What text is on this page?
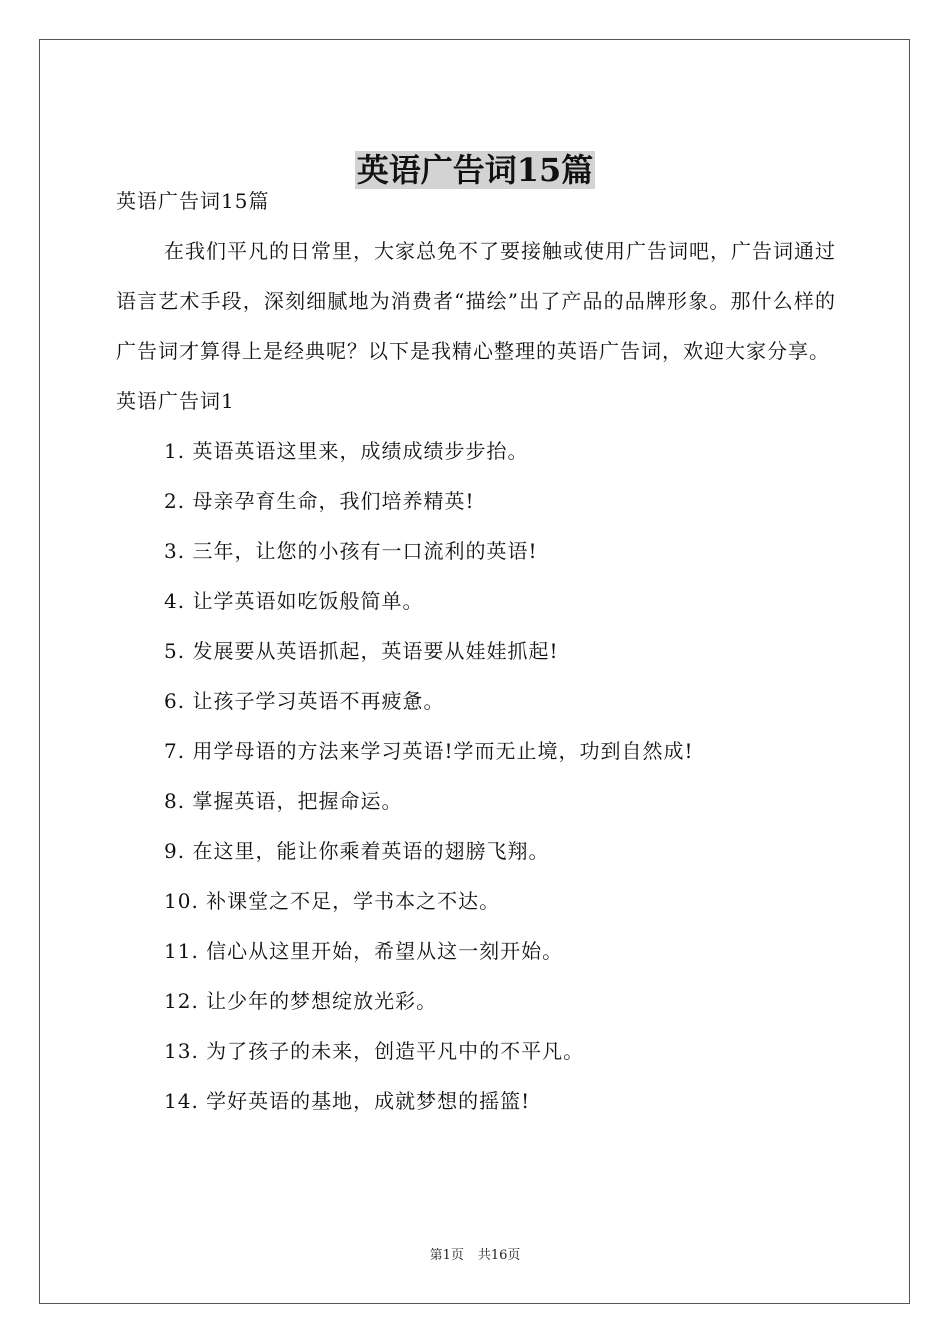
英语广告词15篇

英语广告词15篇

在我们平凡的日常里，大家总免不了要接触或使用广告词吧，广告词通过语言艺术手段，深刻细腻地为消费者“描绘”出了产品的品牌形象。那什么样的广告词才算得上是经典呢？以下是我精心整理的英语广告词，欢迎大家分享。

英语广告词1

1. 英语英语这里来，成绩成绩步步抬。
2. 母亲孕育生命，我们培养精英!
3. 三年，让您的小孩有一口流利的英语!
4. 让学英语如吃饭般简单。
5. 发展要从英语抓起，英语要从娃娃抓起!
6. 让孩子学习英语不再疲惫。
7. 用学母语的方法来学习英语!学而无止境，功到自然成!
8. 掌握英语，把握命运。
9. 在这里，能让你乘着英语的翅膀飞翔。
10. 补课堂之不足，学书本之不达。
11. 信心从这里开始，希望从这一刻开始。
12. 让少年的梦想绽放光彩。
13. 为了孩子的未来，创造平凡中的不平凡。
14. 学好英语的基地，成就梦想的摇篮!
第1页 共16页
